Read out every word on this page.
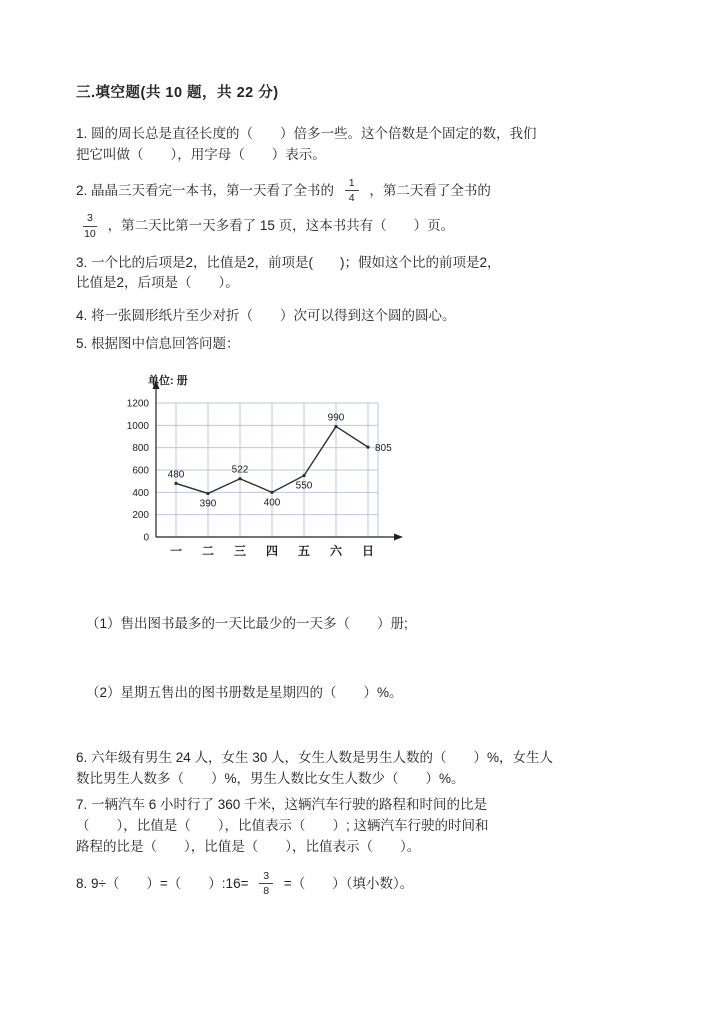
三.填空题(共 10 题，共 22 分)

1. 圆的周长总是直径长度的（　　）倍多一些。这个倍数是个固定的数，我们
把它叫做（　　），用字母（　　）表示。

2. 晶晶三天看完一本书，第一天看了全书的 $\frac{1}{4}$ ，第二天看了全书的
$\frac{3}{10}$ ，第二天比第一天多看了 15 页，这本书共有（　　）页。

3. 一个比的后项是2，比值是2，前项是(　　)；假如这个比的前项是2，
比值是2，后项是（　　）。

4. 将一张圆形纸片至少对折（　　）次可以得到这个圆的圆心。

5. 根据图中信息回答问题：

0
200
400
600
800
1000
1200
一 二 三 四 五 六 日
480
390
522
400
550
990
805
单位: 册

（1）售出图书最多的一天比最少的一天多（　　）册;

（2）星期五售出的图书册数是星期四的（　　）%。

6. 六年级有男生 24 人，女生 30 人，女生人数是男生人数的（　　）%，女生人
数比男生人数多（　　）%，男生人数比女生人数少（　　）%。

7. 一辆汽车 6 小时行了 360 千米，这辆汽车行驶的路程和时间的比是
（　　），比值是（　　），比值表示（　　）; 这辆汽车行驶的时间和
路程的比是（　　），比值是（　　），比值表示（　　）。

8. 9÷（　　）=（　　）:16= $\frac{3}{8}$ =（　　）（填小数）。
